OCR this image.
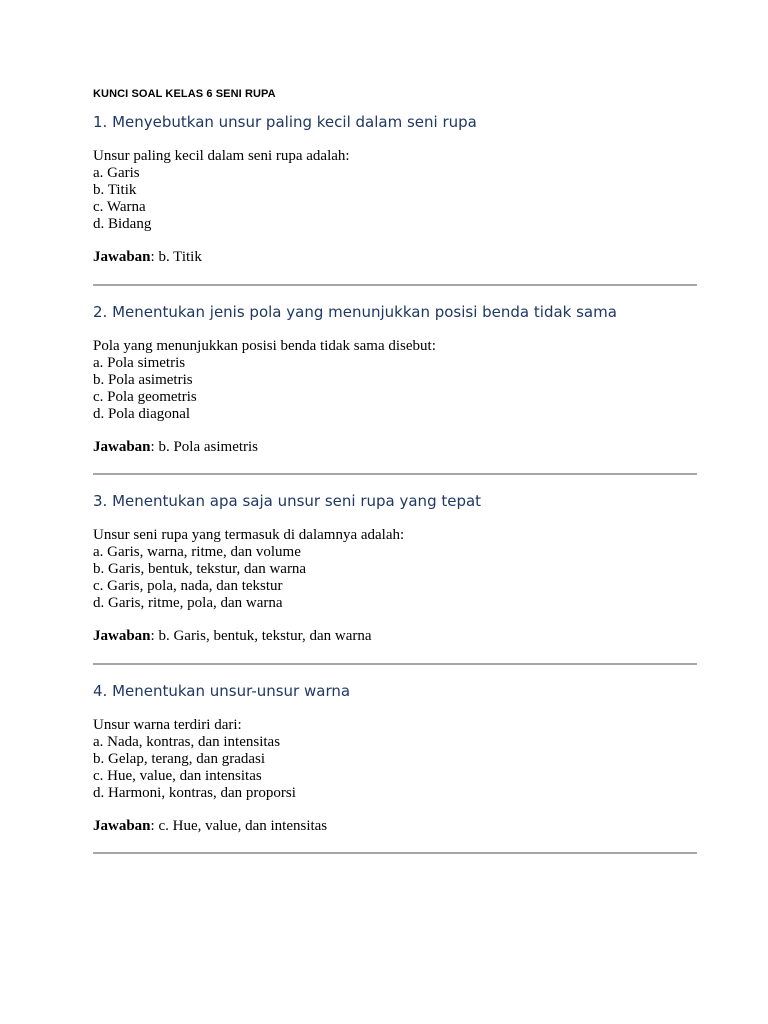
KUNCI SOAL KELAS 6 SENI RUPA
1. Menyebutkan unsur paling kecil dalam seni rupa
Unsur paling kecil dalam seni rupa adalah:
a. Garis
b. Titik
c. Warna
d. Bidang
Jawaban: b. Titik
2. Menentukan jenis pola yang menunjukkan posisi benda tidak sama
Pola yang menunjukkan posisi benda tidak sama disebut:
a. Pola simetris
b. Pola asimetris
c. Pola geometris
d. Pola diagonal
Jawaban: b. Pola asimetris
3. Menentukan apa saja unsur seni rupa yang tepat
Unsur seni rupa yang termasuk di dalamnya adalah:
a. Garis, warna, ritme, dan volume
b. Garis, bentuk, tekstur, dan warna
c. Garis, pola, nada, dan tekstur
d. Garis, ritme, pola, dan warna
Jawaban: b. Garis, bentuk, tekstur, dan warna
4. Menentukan unsur-unsur warna
Unsur warna terdiri dari:
a. Nada, kontras, dan intensitas
b. Gelap, terang, dan gradasi
c. Hue, value, dan intensitas
d. Harmoni, kontras, dan proporsi
Jawaban: c. Hue, value, dan intensitas
